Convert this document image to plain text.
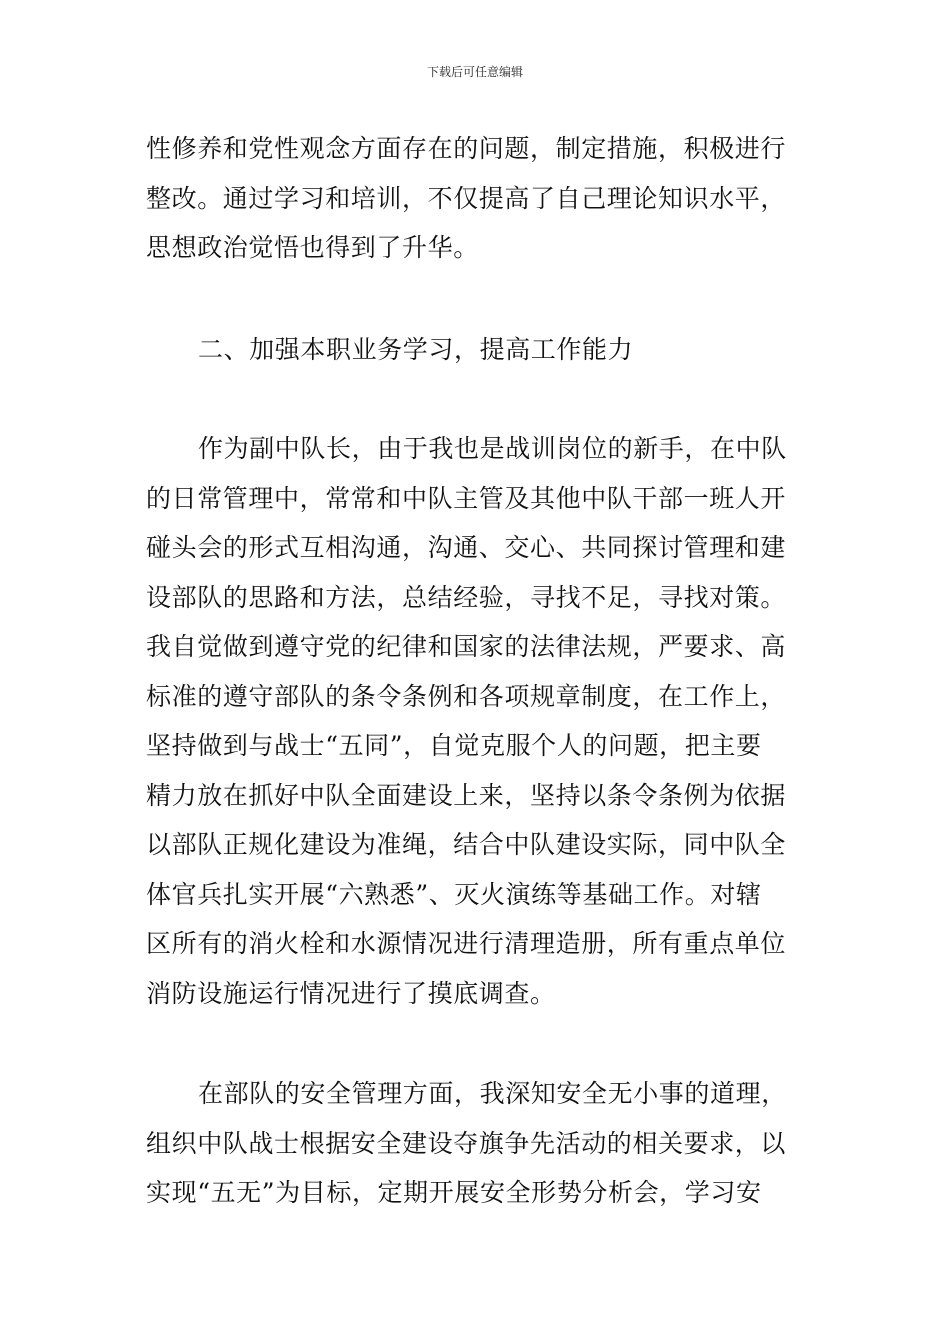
下载后可任意编辑
性修养和党性观念方面存在的问题，制定措施，积极进行
整改。通过学习和培训，不仅提高了自己理论知识水平，
思想政治觉悟也得到了升华。
二、加强本职业务学习，提高工作能力
作为副中队长，由于我也是战训岗位的新手，在中队
的日常管理中，常常和中队主管及其他中队干部一班人开
碰头会的形式互相沟通，沟通、交心、共同探讨管理和建
设部队的思路和方法，总结经验，寻找不足，寻找对策。
我自觉做到遵守党的纪律和国家的法律法规，严要求、高
标准的遵守部队的条令条例和各项规章制度，在工作上，
坚持做到与战士“五同”，自觉克服个人的问题，把主要
精力放在抓好中队全面建设上来，坚持以条令条例为依据
以部队正规化建设为准绳，结合中队建设实际，同中队全
体官兵扎实开展“六熟悉”、灭火演练等基础工作。对辖
区所有的消火栓和水源情况进行清理造册，所有重点单位
消防设施运行情况进行了摸底调查。
在部队的安全管理方面，我深知安全无小事的道理，
组织中队战士根据安全建设夺旗争先活动的相关要求，以
实现“五无”为目标，定期开展安全形势分析会，学习安
